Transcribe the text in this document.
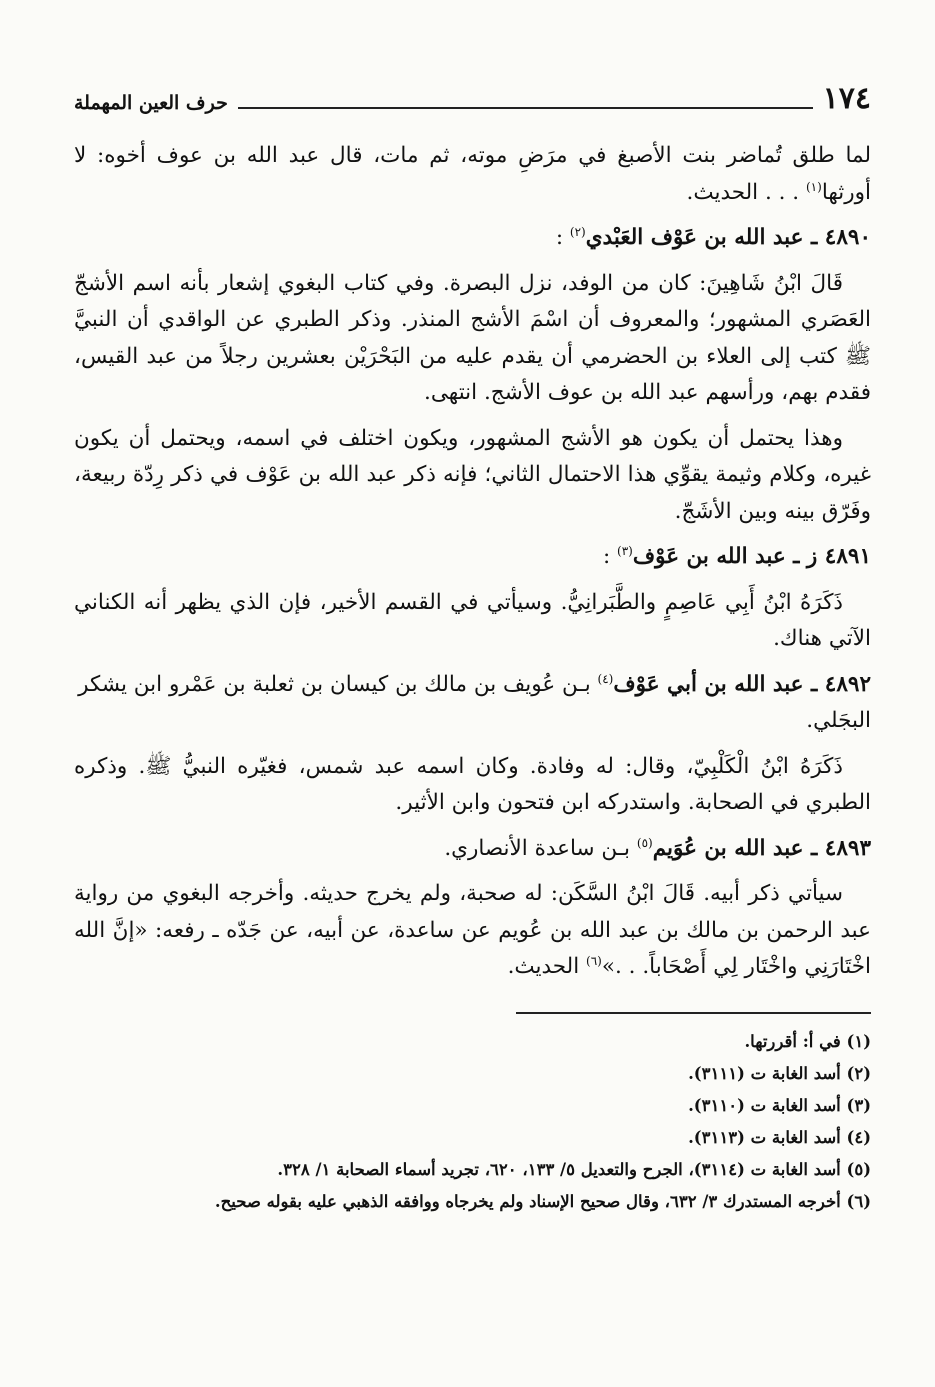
١٧٤
حرف العين المهملة

لما طلق تُماضر بنت الأصبغ في مرَضِ موته، ثم مات، قال عبد الله بن عوف أخوه: لا أورثها$^{(١)}$ . . . الحديث.

٤٨٩٠ ـ عبد الله بن عَوْف العَبْدي$^{(٢)}$ :

قَالَ ابْنُ شَاهِينَ: كان من الوفد، نزل البصرة. وفي كتاب البغوي إشعار بأنه اسم الأشجّ العَصَري المشهور؛ والمعروف أن اسْمَ الأشج المنذر. وذكر الطبري عن الواقدي أن النبيَّ ﷺ كتب إلى العلاء بن الحضرمي أن يقدم عليه من البَحْرَيْن بعشرين رجلاً من عبد القيس، فقدم بهم، ورأسهم عبد الله بن عوف الأشج. انتهى.

وهذا يحتمل أن يكون هو الأشج المشهور، ويكون اختلف في اسمه، ويحتمل أن يكون غيره، وكلام وثيمة يقوِّي هذا الاحتمال الثاني؛ فإنه ذكر عبد الله بن عَوْف في ذكر رِدّة ربيعة، وفَرّق بينه وبين الأشَجّ.

٤٨٩١ ز ـ عبد الله بن عَوْف$^{(٣)}$ :

ذَكَرَهُ ابْنُ أَبِي عَاصِمٍ والطَّبَرانِيُّ. وسيأتي في القسم الأخير، فإن الذي يظهر أنه الكناني الآتي هناك.

٤٨٩٢ ـ عبد الله بن أبي عَوْف$^{(٤)}$ بـن عُويف بن مالك بن كيسان بن ثعلبة بن عَمْرو ابن يشكر البجَلي.

ذَكَرَهُ ابْنُ الْكَلْبِيّ، وقال: له وفادة. وكان اسمه عبد شمس، فغيّره النبيُّ ﷺ. وذكره الطبري في الصحابة. واستدركه ابن فتحون وابن الأثير.

٤٨٩٣ ـ عبد الله بن عُوَيم$^{(٥)}$ بـن ساعدة الأنصاري.

سيأتي ذكر أبيه. قَالَ ابْنُ السَّكَن: له صحبة، ولم يخرج حديثه. وأخرجه البغوي من رواية عبد الرحمن بن مالك بن عبد الله بن عُويم عن ساعدة، عن أبيه، عن جَدّه ـ رفعه: «إنَّ الله اخْتَارَنِي واخْتَار لِي أَصْحَاباً. . .»$^{(٦)}$ الحديث.

(١) في أ: أقررتها.

(٢) أسد الغابة ت (٣١١١).

(٣) أسد الغابة ت (٣١١٠).

(٤) أسد الغابة ت (٣١١٣).

(٥) أسد الغابة ت (٣١١٤)، الجرح والتعديل ٥/ ١٣٣، ٦٢٠، تجريد أسماء الصحابة ١/ ٣٢٨.

(٦) أخرجه المستدرك ٣/ ٦٣٢، وقال صحيح الإسناد ولم يخرجاه ووافقه الذهبي عليه بقوله صحيح.
